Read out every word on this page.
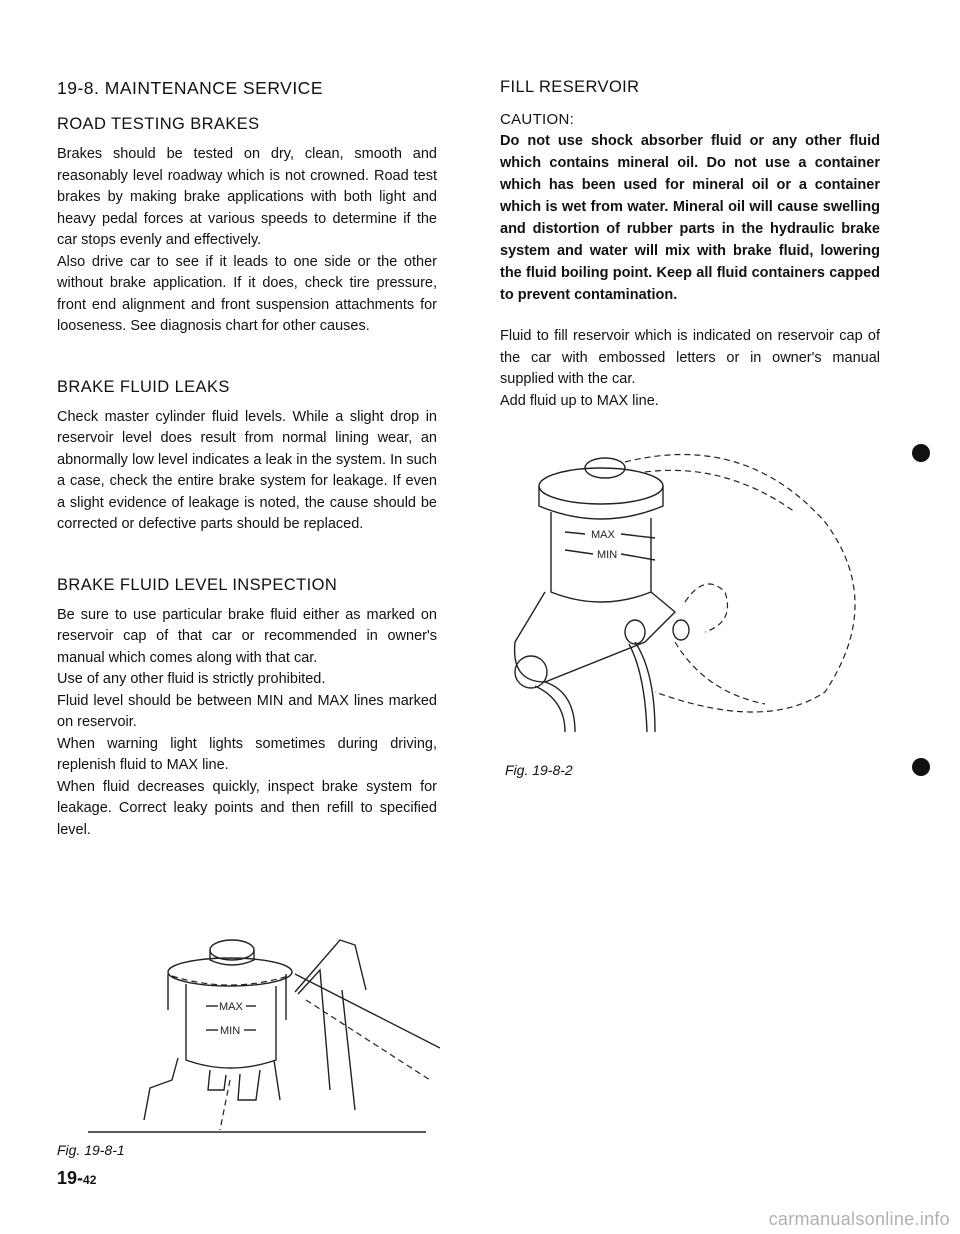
19-8. MAINTENANCE SERVICE
ROAD TESTING BRAKES

Brakes should be tested on dry, clean, smooth and reasonably level roadway which is not crowned. Road test brakes by making brake applications with both light and heavy pedal forces at various speeds to determine if the car stops evenly and effectively.

Also drive car to see if it leads to one side or the other without brake application. If it does, check tire pressure, front end alignment and front suspension attachments for looseness. See diagnosis chart for other causes.

BRAKE FLUID LEAKS

Check master cylinder fluid levels. While a slight drop in reservoir level does result from normal lining wear, an abnormally low level indicates a leak in the system. In such a case, check the entire brake system for leakage. If even a slight evidence of leakage is noted, the cause should be corrected or defective parts should be replaced.

BRAKE FLUID LEVEL INSPECTION

Be sure to use particular brake fluid either as marked on reservoir cap of that car or recommended in owner's manual which comes along with that car.

Use of any other fluid is strictly prohibited.

Fluid level should be between MIN and MAX lines marked on reservoir.

When warning light lights sometimes during driving, replenish fluid to MAX line.

When fluid decreases quickly, inspect brake system for leakage. Correct leaky points and then refill to specified level.

MAX
MIN
Fig. 19-8-1
FILL RESERVOIR
CAUTION:

Do not use shock absorber fluid or any other fluid which contains mineral oil. Do not use a container which has been used for mineral oil or a container which is wet from water. Mineral oil will cause swelling and distortion of rubber parts in the hydraulic brake system and water will mix with brake fluid, lowering the fluid boiling point. Keep all fluid containers capped to prevent contamination.

Fluid to fill reservoir which is indicated on reservoir cap of the car with embossed letters or in owner's manual supplied with the car.

Add fluid up to MAX line.

MAX
MIN
Fig. 19-8-2
19-42
carmanualsonline.info
